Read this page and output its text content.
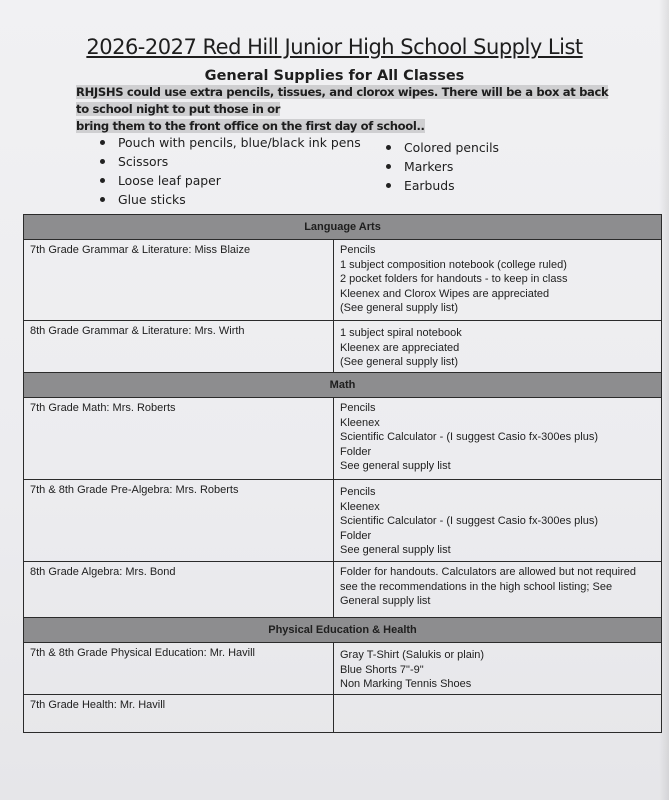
2026-2027 Red Hill Junior High School Supply List
General Supplies for All Classes
RHJSHS could use extra pencils, tissues, and clorox wipes. There will be a box at back to school night to put those in or
bring them to the front office on the first day of school..
Pouch with pencils, blue/black ink pens
Scissors
Loose leaf paper
Glue sticks
Colored pencils
Markers
Earbuds
Language Arts	
7th Grade Grammar & Literature: Miss Blaize	Pencils
1 subject composition notebook (college ruled)
2 pocket folders for handouts - to keep in class
Kleenex and Clorox Wipes are appreciated
(See general supply list)

8th Grade Grammar & Literature: Mrs. Wirth	1 subject spiral notebook
Kleenex are appreciated
(See general supply list)

Math	
7th Grade Math: Mrs. Roberts	Pencils
Kleenex
Scientific Calculator - (I suggest Casio fx-300es plus)
Folder
See general supply list

7th & 8th Grade Pre-Algebra: Mrs. Roberts	Pencils
Kleenex
Scientific Calculator - (I suggest Casio fx-300es plus)
Folder
See general supply list

8th Grade Algebra: Mrs. Bond	Folder for handouts. Calculators are allowed but not required
see the recommendations in the high school listing; See
General supply list

Physical Education & Health	
7th & 8th Grade Physical Education: Mr. Havill	Gray T-Shirt (Salukis or plain)
Blue Shorts 7"-9"
Non Marking Tennis Shoes

7th Grade Health: Mr. Havill	
